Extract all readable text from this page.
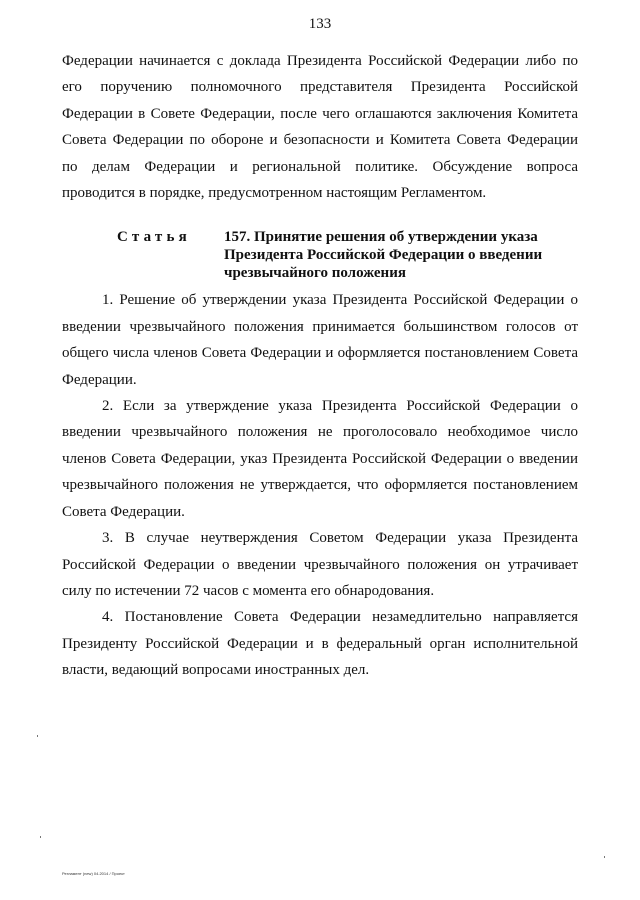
133

Федерации начинается с доклада Президента Российской Федерации либо по

его поручению полномочного представителя Президента Российской

Федерации в Совете Федерации, после чего оглашаются заключения Комитета

Совета Федерации по обороне и безопасности и Комитета Совета Федерации

по делам Федерации и региональной политике. Обсуждение вопроса

проводится в порядке, предусмотренном настоящим Регламентом.

Статья 157. Принятие решения об утверждении указа
Президента Российской Федерации о введении
чрезвычайного положения

1. Решение об утверждении указа Президента Российской Федерации о введении чрезвычайного положения принимается большинством голосов от общего числа членов Совета Федерации и оформляется постановлением Совета Федерации.

2. Если за утверждение указа Президента Российской Федерации о введении чрезвычайного положения не проголосовало необходимое число членов Совета Федерации, указ Президента Российской Федерации о введении чрезвычайного положения не утверждается, что оформляется постановлением Совета Федерации.

3. В случае неутверждения Советом Федерации указа Президента Российской Федерации о введении чрезвычайного положения он утрачивает силу по истечении 72 часов с момента его обнародования.

4. Постановление Совета Федерации незамедлительно направляется Президенту Российской Федерации и в федеральный орган исполнительной власти, ведающий вопросами иностранных дел.

Регламент (new) 04.2014 / Проект
